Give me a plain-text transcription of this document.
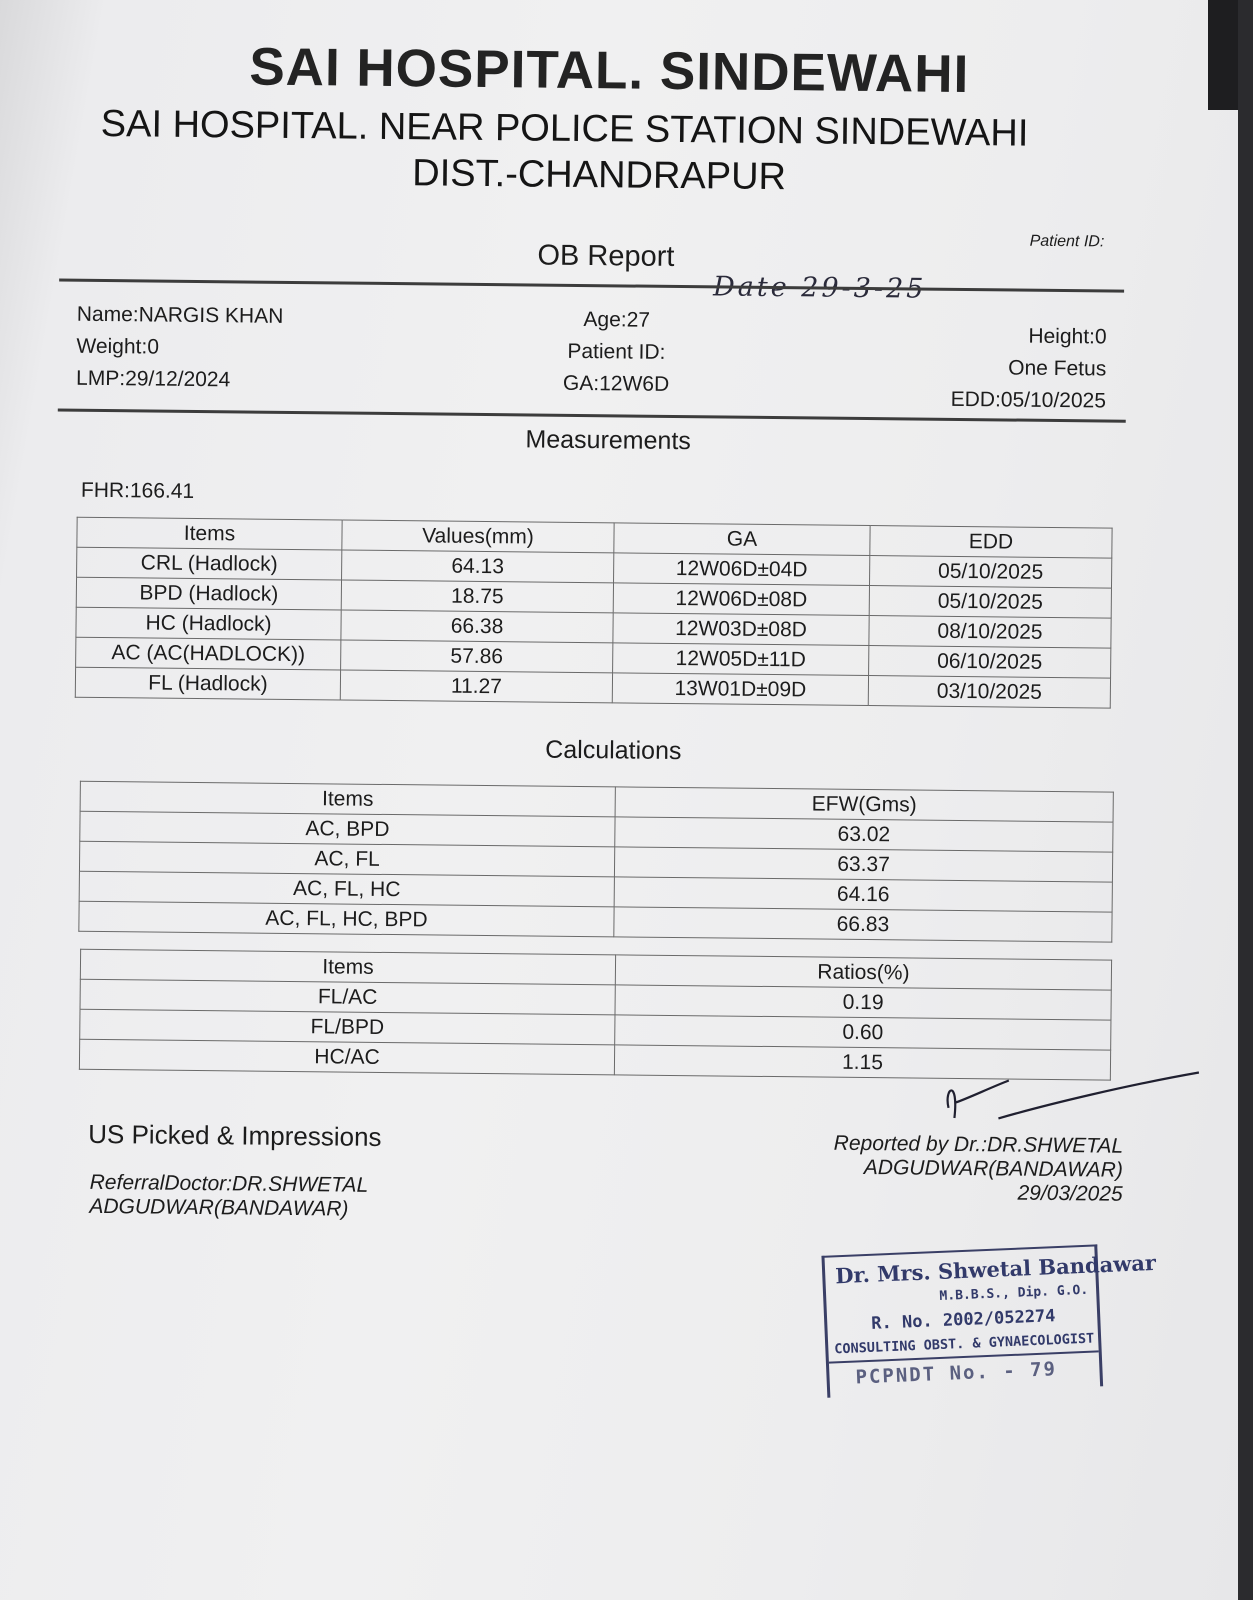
SAI HOSPITAL. SINDEWAHI
SAI HOSPITAL. NEAR POLICE STATION SINDEWAHI
DIST.-CHANDRAPUR
Patient ID:
OB Report
Name:NARGIS KHAN
Weight:0
LMP:29/12/2024
Age:27
Patient ID:
GA:12W6D
Height:0
One Fetus
EDD:05/10/2025
Measurements
FHR:166.41
Items	Values(mm)	GA	EDD
CRL (Hadlock)	64.13	12W06D±04D	05/10/2025
BPD (Hadlock)	18.75	12W06D±08D	05/10/2025
HC (Hadlock)	66.38	12W03D±08D	08/10/2025
AC (AC(HADLOCK))	57.86	12W05D±11D	06/10/2025
FL (Hadlock)	11.27	13W01D±09D	03/10/2025
Calculations
Items	EFW(Gms)
AC, BPD	63.02
AC, FL	63.37
AC, FL, HC	64.16
AC, FL, HC, BPD	66.83
Items	Ratios(%)
FL/AC	0.19
FL/BPD	0.60
HC/AC	1.15
US Picked & Impressions
ReferralDoctor:DR.SHWETAL
ADGUDWAR(BANDAWAR)
Reported by Dr.:DR.SHWETAL
ADGUDWAR(BANDAWAR)
29/03/2025
Dr. Mrs. Shwetal Bandawar
M.B.B.S., Dip. G.O.
R. No. 2002/052274
CONSULTING OBST. & GYNAECOLOGIST
PCPNDT No. - 79
